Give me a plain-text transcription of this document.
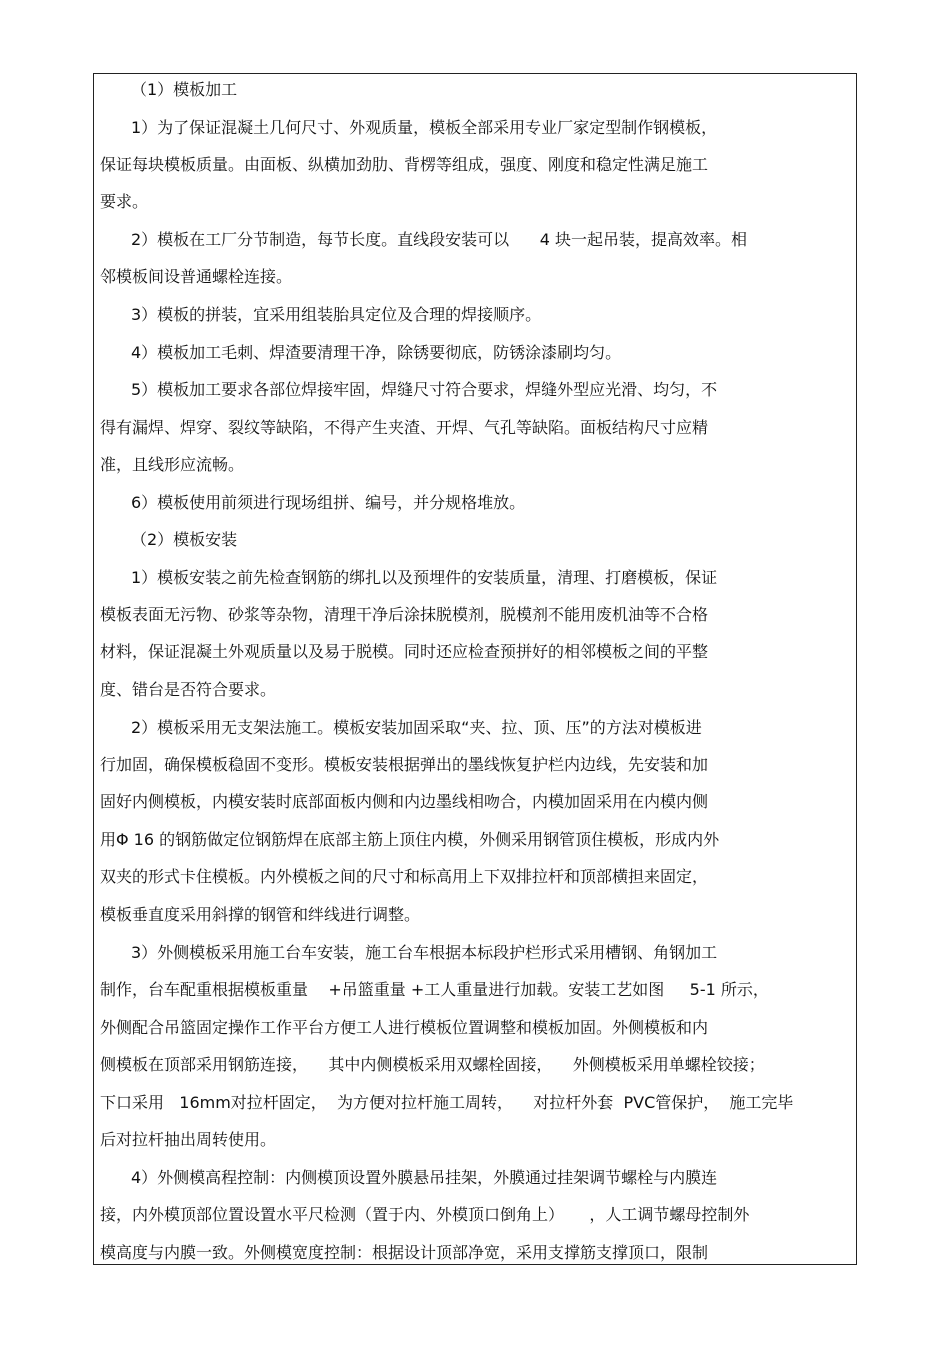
（1）模板加工

1）为了保证混凝土几何尺寸、外观质量，模板全部采用专业厂家定型制作钢模板，

保证每块模板质量。由面板、纵横加劲肋、背楞等组成，强度、刚度和稳定性满足施工

要求。

2）模板在工厂分节制造，每节长度。直线段安装可以      4 块一起吊装，提高效率。相

邻模板间设普通螺栓连接。

3）模板的拼装，宜采用组装胎具定位及合理的焊接顺序。

4）模板加工毛刺、焊渣要清理干净，除锈要彻底，防锈涂漆刷均匀。

5）模板加工要求各部位焊接牢固，焊缝尺寸符合要求，焊缝外型应光滑、均匀，不

得有漏焊、焊穿、裂纹等缺陷，不得产生夹渣、开焊、气孔等缺陷。面板结构尺寸应精

准，且线形应流畅。

6）模板使用前须进行现场组拼、编号，并分规格堆放。

（2）模板安装

1）模板安装之前先检查钢筋的绑扎以及预埋件的安装质量，清理、打磨模板，保证

模板表面无污物、砂浆等杂物，清理干净后涂抹脱模剂，脱模剂不能用废机油等不合格

材料，保证混凝土外观质量以及易于脱模。同时还应检查预拼好的相邻模板之间的平整

度、错台是否符合要求。

2）模板采用无支架法施工。模板安装加固采取“夹、拉、顶、压”的方法对模板进

行加固，确保模板稳固不变形。模板安装根据弹出的墨线恢复护栏内边线，先安装和加

固好内侧模板，内模安装时底部面板内侧和内边墨线相吻合，内模加固采用在内模内侧

用Φ 16 的钢筋做定位钢筋焊在底部主筋上顶住内模，外侧采用钢管顶住模板，形成内外

双夹的形式卡住模板。内外模板之间的尺寸和标高用上下双排拉杆和顶部横担来固定，

模板垂直度采用斜撑的钢管和绊线进行调整。

3）外侧模板采用施工台车安装，施工台车根据本标段护栏形式采用槽钢、角钢加工

制作，台车配重根据模板重量    +吊篮重量 +工人重量进行加载。安装工艺如图     5-1 所示，

外侧配合吊篮固定操作工作平台方便工人进行模板位置调整和模板加固。外侧模板和内

侧模板在顶部采用钢筋连接，    其中内侧模板采用双螺栓固接，    外侧模板采用单螺栓铰接；

下口采用   16mm对拉杆固定，  为方便对拉杆施工周转，    对拉杆外套  PVC管保护，  施工完毕

后对拉杆抽出周转使用。

4）外侧模高程控制：内侧模顶设置外膜悬吊挂架，外膜通过挂架调节螺栓与内膜连

接，内外模顶部位置设置水平尺检测（置于内、外模顶口倒角上）     ，人工调节螺母控制外

模高度与内膜一致。外侧模宽度控制：根据设计顶部净宽，采用支撑筋支撑顶口，限制
